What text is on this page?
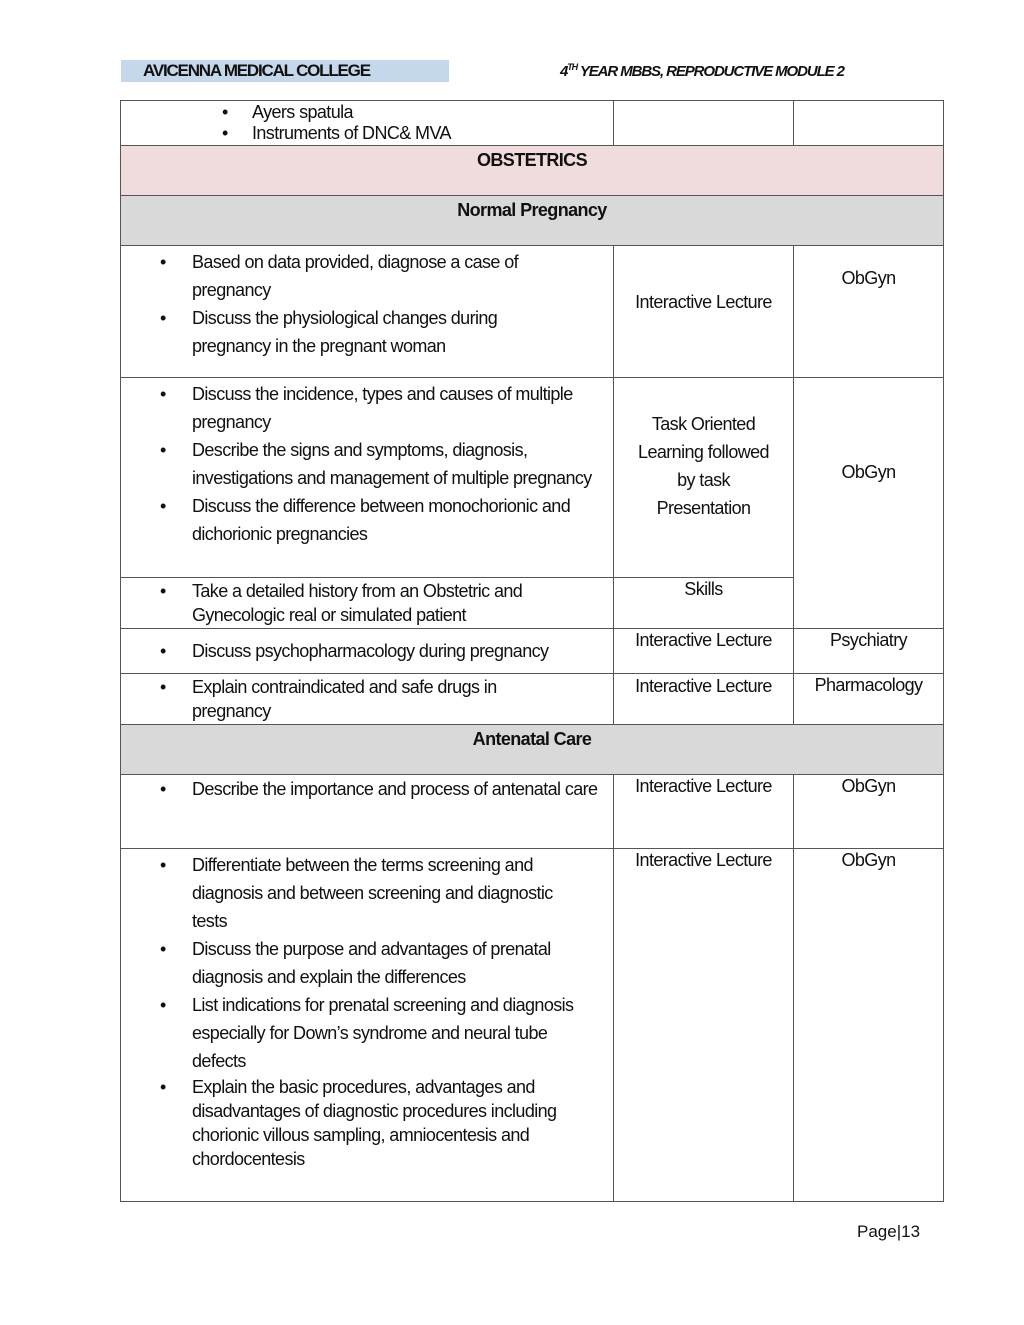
AVICENNA MEDICAL COLLEGE	4TH YEAR MBBS, REPRODUCTIVE MODULE 2
• Ayers spatula
• Instruments of DNC& MVA

OBSTETRICS		
Normal Pregnancy		

• Based on data provided, diagnose a case of pregnancy
• Discuss the physiological changes during pregnancy in the pregnant woman
	Interactive Lecture	ObGyn

• Discuss the incidence, types and causes of multiple pregnancy
• Describe the signs and symptoms, diagnosis, investigations and management of multiple pregnancy
• Discuss the difference between monochorionic and dichorionic pregnancies
	Task Oriented Learning followed by task Presentation	ObGyn

• Take a detailed history from an Obstetric and Gynecologic real or simulated patient
	Skills

• Discuss psychopharmacology during pregnancy
	Interactive Lecture	Psychiatry

• Explain contraindicated and safe drugs in pregnancy
	Interactive Lecture	Pharmacology
Antenatal Care		

• Describe the importance and process of antenatal care	Interactive Lecture	ObGyn

• Differentiate between the terms screening and diagnosis and between screening and diagnostic tests
• Discuss the purpose and advantages of prenatal diagnosis and explain the differences
• List indications for prenatal screening and diagnosis especially for Down’s syndrome and neural tube defects
• Explain the basic procedures, advantages and disadvantages of diagnostic procedures including chorionic villous sampling, amniocentesis and chordocentesis
	Interactive Lecture	ObGyn
Page|13
